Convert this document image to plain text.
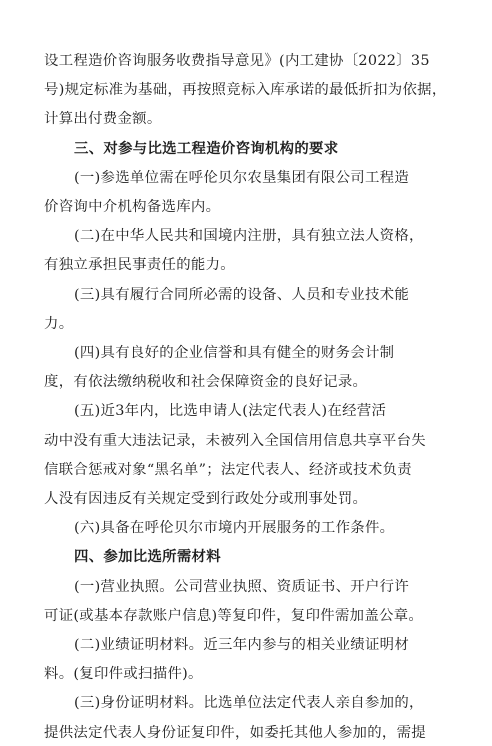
设工程造价咨询服务收费指导意见》(内工建协〔2022〕35
号)规定标准为基础，再按照竞标入库承诺的最低折扣为依据，
计算出付费金额。
三、对参与比选工程造价咨询机构的要求
(一)参选单位需在呼伦贝尔农垦集团有限公司工程造
价咨询中介机构备选库内。
(二)在中华人民共和国境内注册，具有独立法人资格，
有独立承担民事责任的能力。
(三)具有履行合同所必需的设备、人员和专业技术能
力。
(四)具有良好的企业信誉和具有健全的财务会计制
度，有依法缴纳税收和社会保障资金的良好记录。
(五)近3年内，比选申请人(法定代表人)在经营活
动中没有重大违法记录，未被列入全国信用信息共享平台失
信联合惩戒对象“黑名单”；法定代表人、经济或技术负责
人没有因违反有关规定受到行政处分或刑事处罚。
(六)具备在呼伦贝尔市境内开展服务的工作条件。
四、参加比选所需材料
(一)营业执照。公司营业执照、资质证书、开户行许
可证(或基本存款账户信息)等复印件，复印件需加盖公章。
(二)业绩证明材料。近三年内参与的相关业绩证明材
料。(复印件或扫描件)。
(三)身份证明材料。比选单位法定代表人亲自参加的，
提供法定代表人身份证复印件，如委托其他人参加的，需提
